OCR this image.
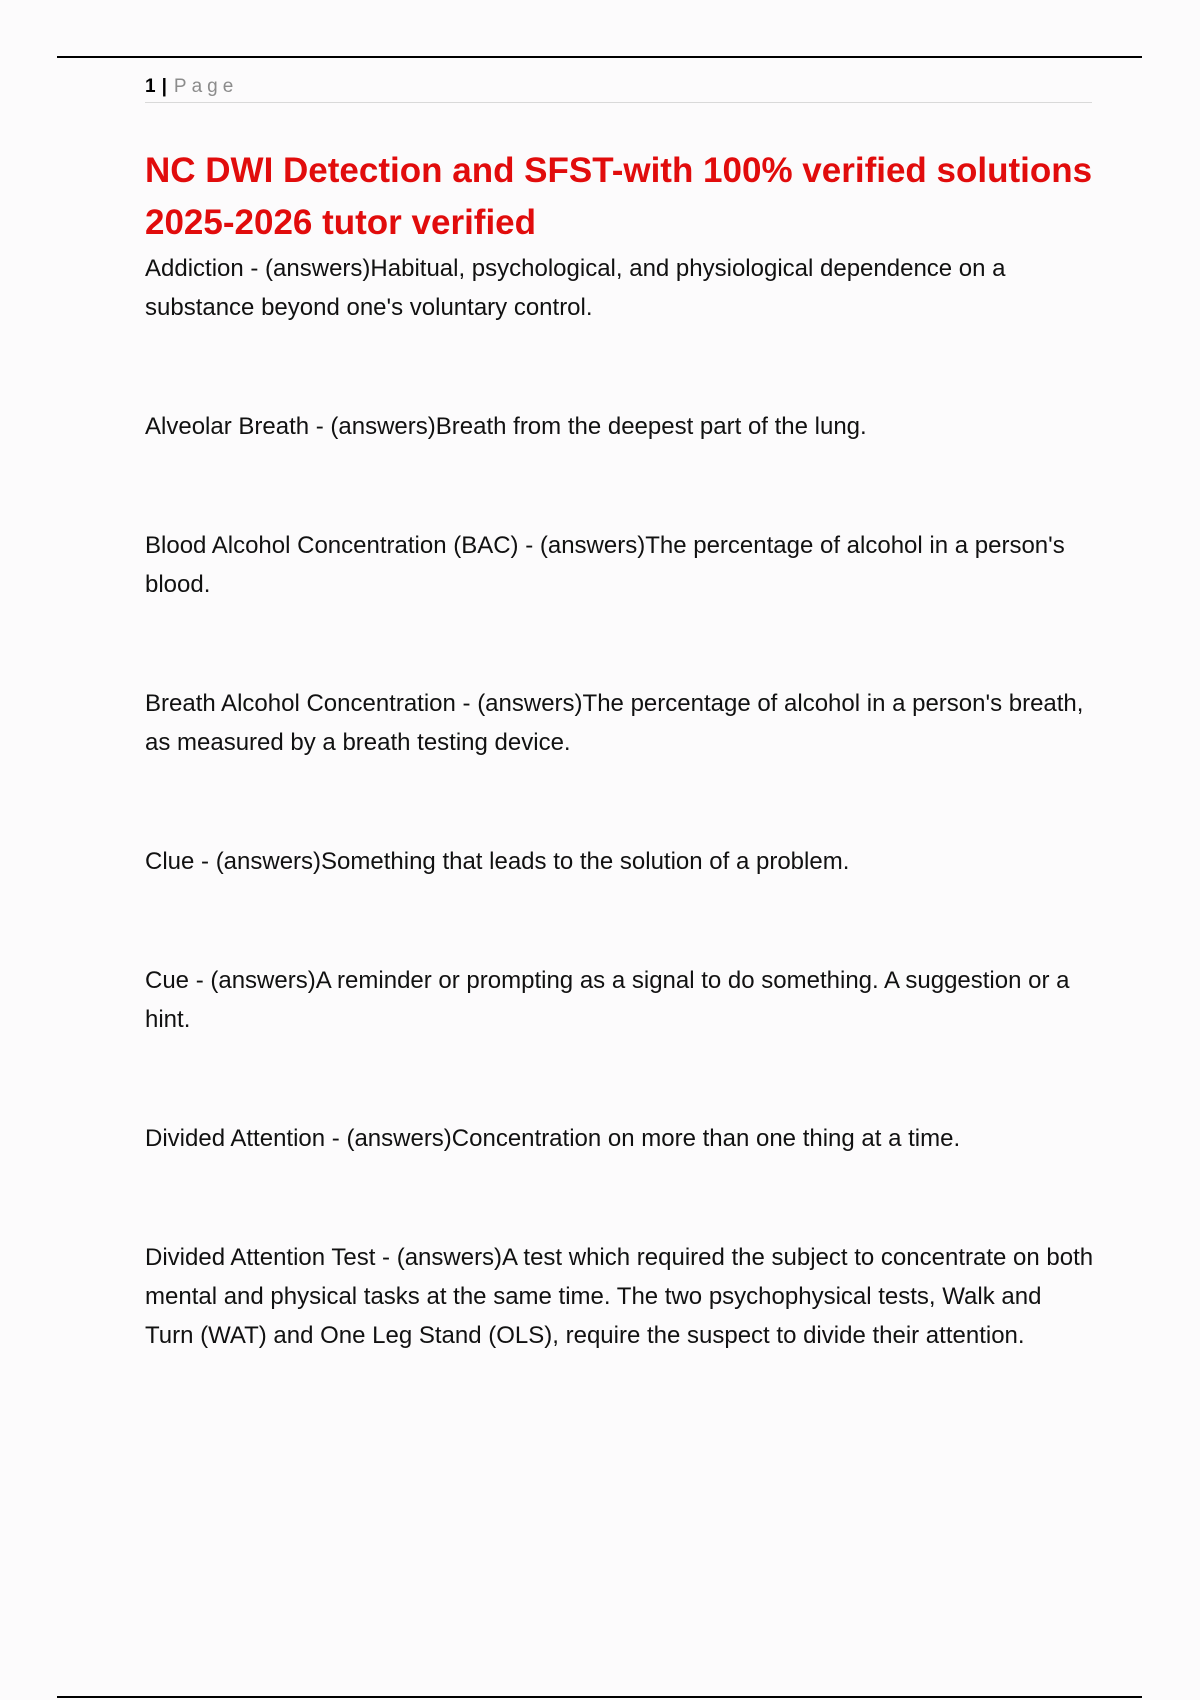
1 | Page
NC DWI Detection and SFST-with 100% verified solutions 2025-2026 tutor verified

Addiction - (answers)Habitual, psychological, and physiological dependence on a substance beyond one's voluntary control.

Alveolar Breath - (answers)Breath from the deepest part of the lung.

Blood Alcohol Concentration (BAC) - (answers)The percentage of alcohol in a person's blood.

Breath Alcohol Concentration - (answers)The percentage of alcohol in a person's breath, as measured by a breath testing device.

Clue - (answers)Something that leads to the solution of a problem.

Cue - (answers)A reminder or prompting as a signal to do something. A suggestion or a hint.

Divided Attention - (answers)Concentration on more than one thing at a time.

Divided Attention Test - (answers)A test which required the subject to concentrate on both mental and physical tasks at the same time. The two psychophysical tests, Walk and Turn (WAT) and One Leg Stand (OLS), require the suspect to divide their attention.
